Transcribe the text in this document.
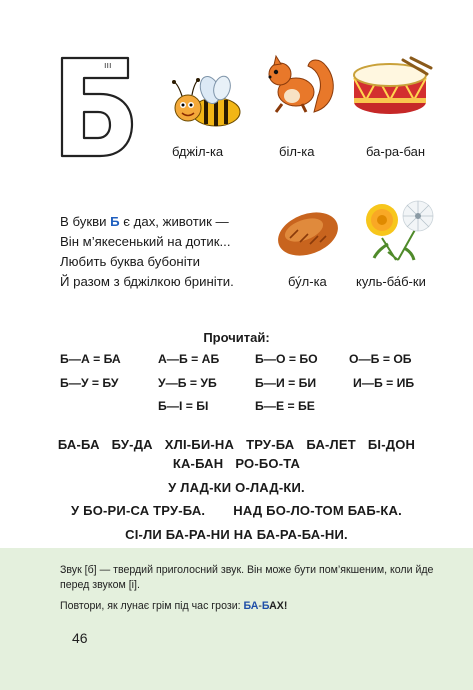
ııı
бджіл-ка	біл-ка	ба-ра-бан
В букви Б є дах, животик —
Він м’якесенький на дотик...
Любить буква бубоніти
Й разом з бджілкою бриніти.	бу́л-ка куль-ба́б-ки
Прочитай:
Б—А = БА	А—Б = АБ	Б—О = БО	О—Б = ОБ
Б—У = БУ	У—Б = УБ	Б—И = БИ	И—Б = ИБ
Б—І = БІ	Б—Е = БЕ
БА-БА БУ-ДА ХЛІ-БИ-НА ТРУ-БА БА-ЛЕТ БІ-ДОН
КА-БАН РО-БО-ТА
У ЛАД-КИ О-ЛАД-КИ.
У БО-РИ-СА ТРУ-БА. НАД БО-ЛО-ТОМ БАБ-КА.
СІ-ЛИ БА-РА-НИ НА БА-РА-БА-НИ.
Звук [б] — твердий приголосний звук. Він може бути пом’якшеним, коли йде перед звуком [і].
Повтори, як лунає грім під час грози: БА-БАХ!
46
